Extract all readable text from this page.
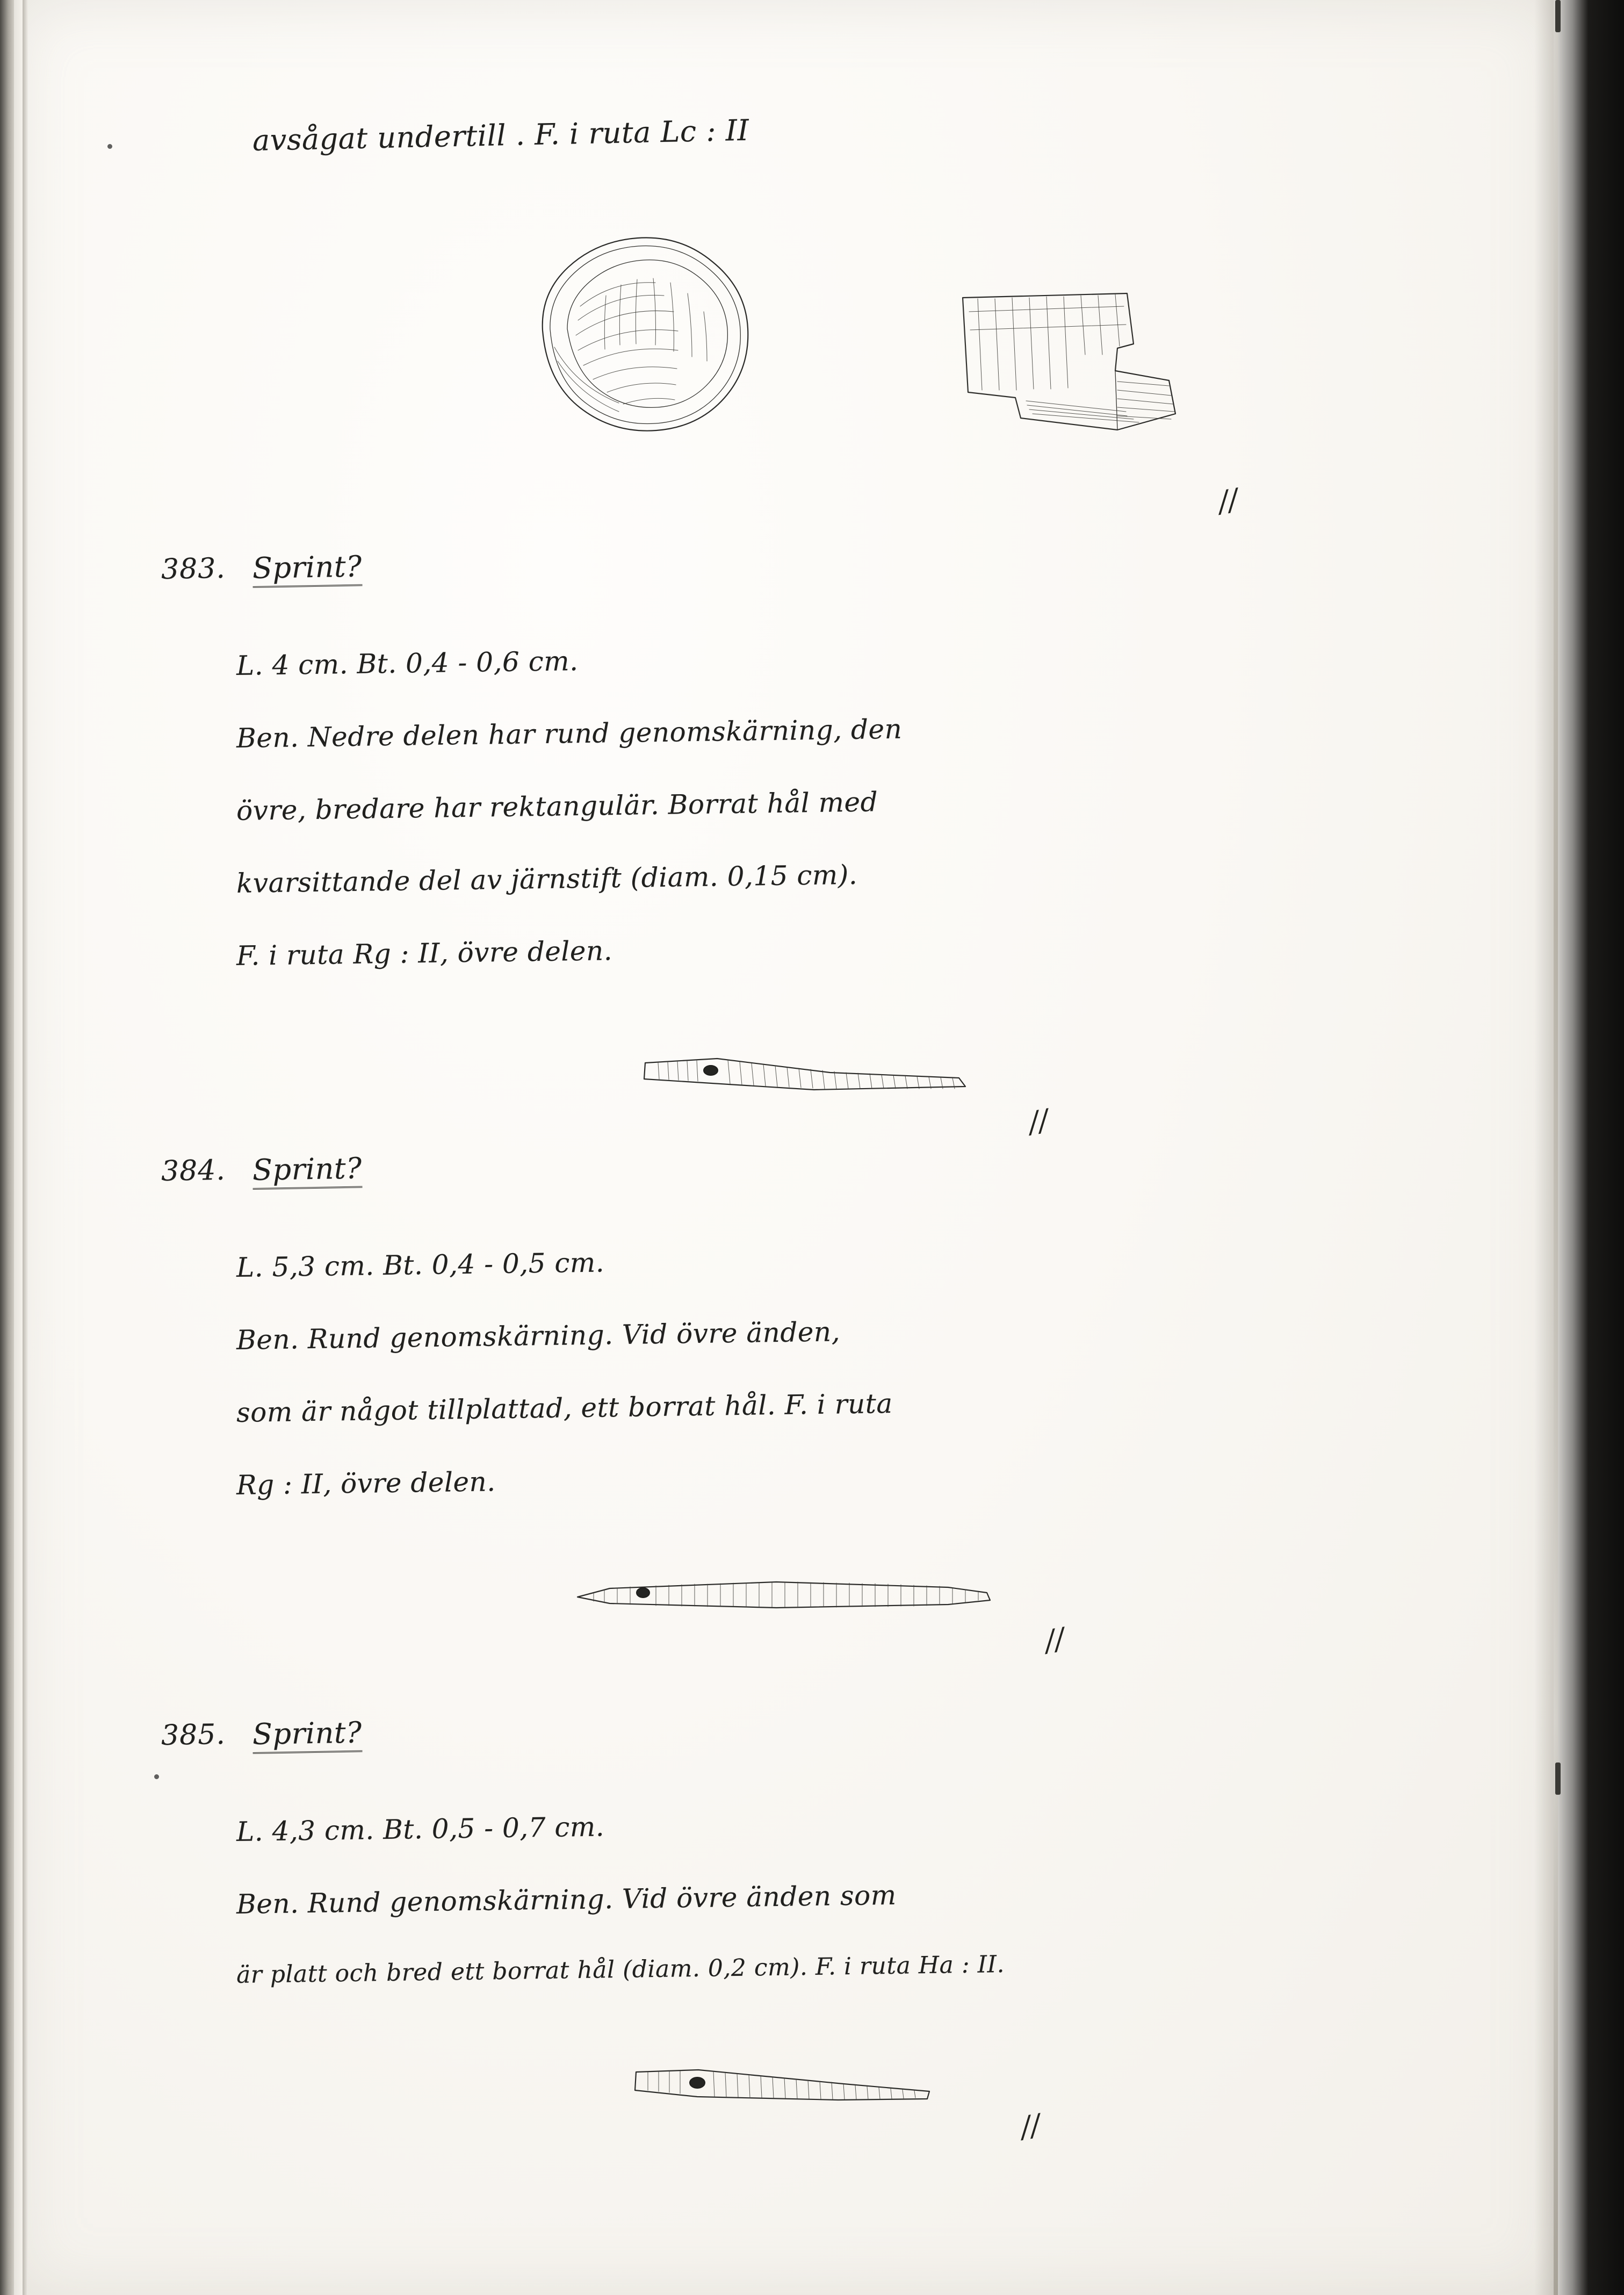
avsågat undertill . F. i ruta Lc : II
//
383. Sprint?
L. 4 cm. Bt. 0,4 - 0,6 cm.
Ben. Nedre delen har rund genomskärning, den
övre, bredare har rektangulär. Borrat hål med
kvarsittande del av järnstift (diam. 0,15 cm).
F. i ruta Rg : II, övre delen.
//
384. Sprint?
L. 5,3 cm. Bt. 0,4 - 0,5 cm.
Ben. Rund genomskärning. Vid övre änden,
som är något tillplattad, ett borrat hål. F. i ruta
Rg : II, övre delen.
//
385. Sprint?
L. 4,3 cm. Bt. 0,5 - 0,7 cm.
Ben. Rund genomskärning. Vid övre änden som
är platt och bred ett borrat hål (diam. 0,2 cm). F. i ruta Ha : II.
//
